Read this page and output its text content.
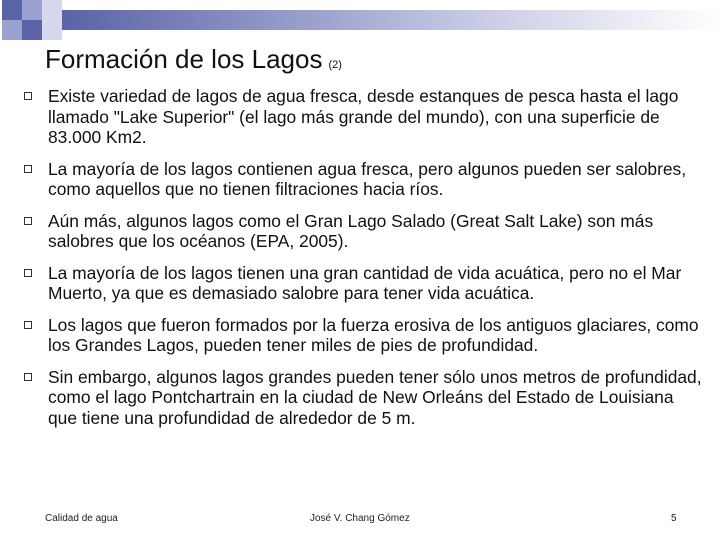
Formación de los Lagos (2)
Existe variedad de lagos de agua fresca, desde estanques de pesca hasta el lago llamado "Lake Superior" (el lago más grande del mundo), con una superficie de 83.000 Km2.
La mayoría de los lagos contienen agua fresca, pero algunos pueden ser salobres, como aquellos que no tienen filtraciones hacia ríos.
Aún más, algunos lagos como el Gran Lago Salado (Great Salt Lake) son más salobres que los océanos (EPA, 2005).
La mayoría de los lagos tienen una gran cantidad de vida acuática, pero no el Mar Muerto, ya que es demasiado salobre para tener vida acuática.
Los lagos que fueron formados por la fuerza erosiva de los antiguos glaciares, como los Grandes Lagos, pueden tener miles de pies de profundidad.
Sin embargo, algunos lagos grandes pueden tener sólo unos metros de profundidad, como el lago Pontchartrain en la ciudad de New Orleáns del Estado de Louisiana que tiene una profundidad de alrededor de 5 m.
Calidad de agua	José V. Chang Gómez	5
